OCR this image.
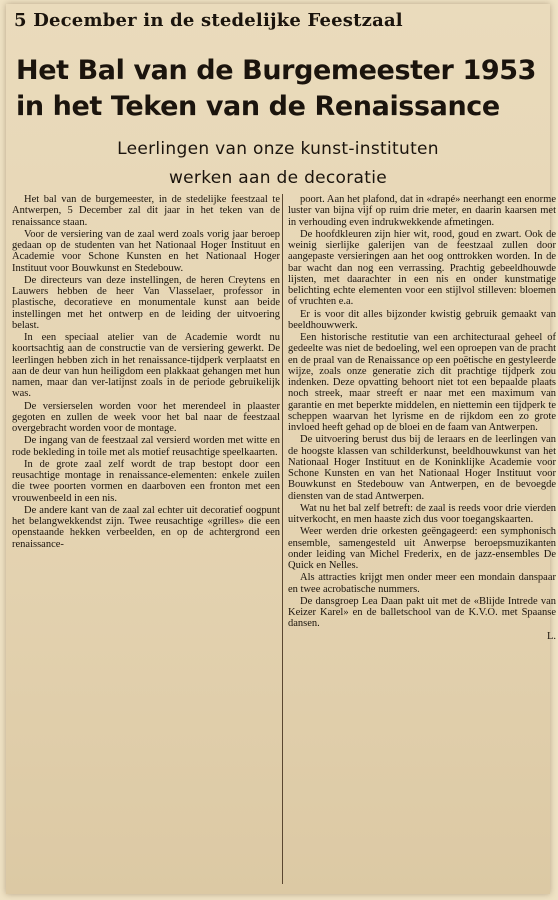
5 December in de stedelijke Feestzaal
Het Bal van de Burgemeester 1953
in het Teken van de Renaissance
Leerlingen van onze kunst-instituten
werken aan de decoratie

Het bal van de burgemeester, in de stedelijke feestzaal te Antwerpen, 5 December zal dit jaar in het teken van de renaissance staan.

Voor de versiering van de zaal werd zoals vorig jaar beroep gedaan op de studenten van het Nationaal Hoger Instituut en Academie voor Schone Kunsten en het Nationaal Hoger Instituut voor Bouwkunst en Stedebouw.

De directeurs van deze instellingen, de heren Creytens en Lauwers hebben de heer Van Vlasselaer, professor in plastische, decoratieve en monumentale kunst aan beide instellingen met het ontwerp en de leiding der uitvoering belast.

In een speciaal atelier van de Academie wordt nu koortsachtig aan de constructie van de versiering gewerkt. De leerlingen hebben zich in het renaissance-tijdperk verplaatst en aan de deur van hun heiligdom een plakkaat gehangen met hun namen, maar dan ver-latijnst zoals in de periode gebruikelijk was.

De versierselen worden voor het merendeel in plaaster gegoten en zullen de week voor het bal naar de feestzaal overgebracht worden voor de montage.

De ingang van de feestzaal zal versierd worden met witte en rode bekleding in toile met als motief reusachtige speelkaarten.

In de grote zaal zelf wordt de trap bestopt door een reusachtige montage in renaissance-elementen: enkele zuilen die twee poorten vormen en daarboven een fronton met een vrouwenbeeld in een nis.

De andere kant van de zaal zal echter uit decoratief oogpunt het belangwekkendst zijn. Twee reusachtige «grilles» die een openstaande hekken verbeelden, en op de achtergrond een renaissance-

poort. Aan het plafond, dat in «drapé» neerhangt een enorme luster van bijna vijf op ruim drie meter, en daarin kaarsen met in verhouding even indrukwekkende afmetingen.

De hoofdkleuren zijn hier wit, rood, goud en zwart. Ook de weinig sierlijke galerijen van de feestzaal zullen door aangepaste versieringen aan het oog onttrokken worden. In de bar wacht dan nog een verrassing. Prachtig gebeeldhouwde lijsten, met daarachter in een nis en onder kunstmatige belichting echte elementen voor een stijlvol stilleven: bloemen of vruchten e.a.

Er is voor dit alles bijzonder kwistig gebruik gemaakt van beeldhouwwerk.

Een historische restitutie van een architecturaal geheel of gedeelte was niet de bedoeling, wel een oproepen van de pracht en de praal van de Renaissance op een poëtische en gestyleerde wijze, zoals onze generatie zich dit prachtige tijdperk zou indenken. Deze opvatting behoort niet tot een bepaalde plaats noch streek, maar streeft er naar met een maximum van garantie en met beperkte middelen, en niettemin een tijdperk te scheppen waarvan het lyrisme en de rijkdom een zo grote invloed heeft gehad op de bloei en de faam van Antwerpen.

De uitvoering berust dus bij de leraars en de leerlingen van de hoogste klassen van schilderkunst, beeldhouwkunst van het Nationaal Hoger Instituut en de Koninklijke Academie voor Schone Kunsten en van het Nationaal Hoger Instituut voor Bouwkunst en Stedebouw van Antwerpen, en de bevoegde diensten van de stad Antwerpen.

Wat nu het bal zelf betreft: de zaal is reeds voor drie vierden uitverkocht, en men haaste zich dus voor toegangskaarten.

Weer werden drie orkesten geëngageerd: een symphonisch ensemble, samengesteld uit Anwerpse beroepsmuzikanten onder leiding van Michel Frederix, en de jazz-ensembles De Quick en Nelles.

Als attracties krijgt men onder meer een mondain danspaar en twee acrobatische nummers.

De dansgroep Lea Daan pakt uit met de «Blijde Intrede van Keizer Karel» en de balletschool van de K.V.O. met Spaanse dansen.

L.
